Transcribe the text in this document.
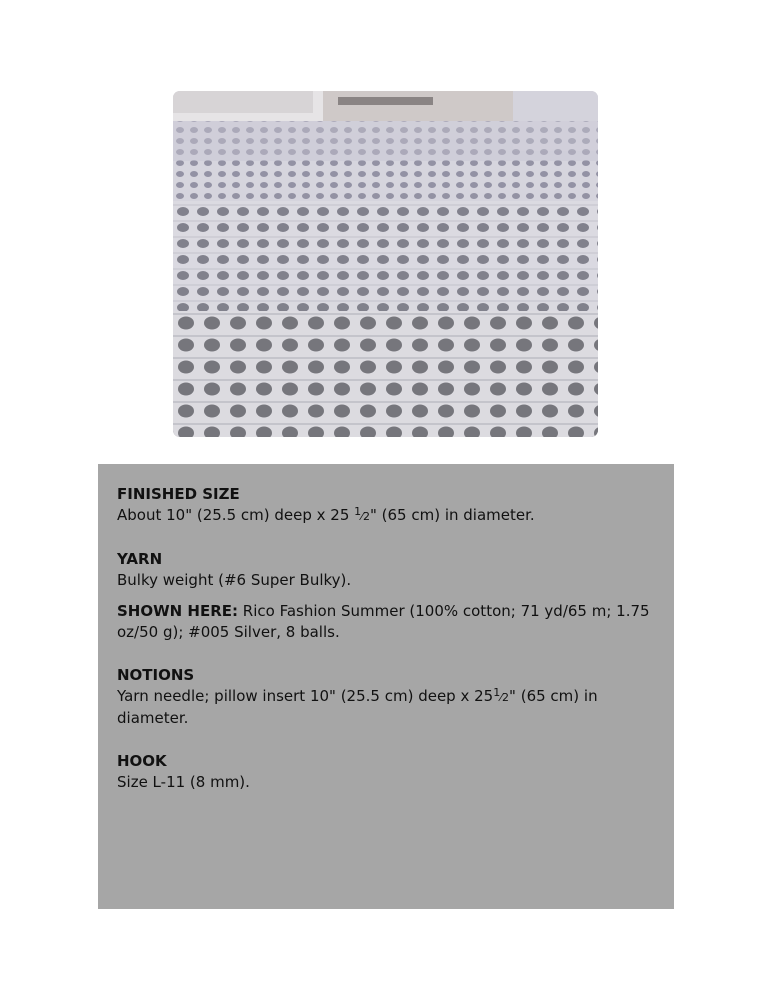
FINISHED SIZE
About 10" (25.5 cm) deep x 25 $^1$⁄2" (65 cm) in diameter.

YARN
Bulky weight (#6 Super Bulky).

SHOWN HERE: Rico Fashion Summer (100% cotton; 71 yd/65 m; 1.75 oz/50 g); #005 Silver, 8 balls.

NOTIONS
Yarn needle; pillow insert 10" (25.5 cm) deep x $25^1⁄2$" (65 cm) in diameter.

HOOK
Size L-11 (8 mm).
